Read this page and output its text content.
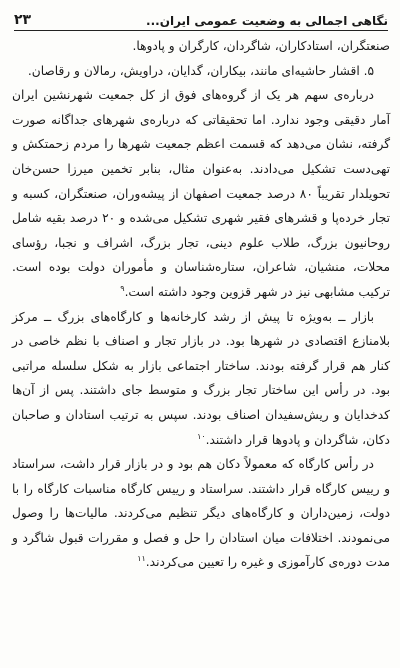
۲۳	نگاهی اجمالی به وضعیت عمومی ایران...

صنعتگران، استادکاران، شاگردان، کارگران و پادوها.

۵. اقشار حاشیه‌ای مانند، بیکاران، گدایان، دراویش، رمالان و رقاصان.

درباره‌ی سهم هر یک از گروه‌های فوق از کل جمعیت شهرنشین ایران آمار دقیقی وجود ندارد. اما تحقیقاتی که درباره‌ی شهرهای جداگانه صورت گرفته، نشان می‌دهد که قسمت اعظم جمعیت شهرها را مردم زحمتکش و تهی‌دست تشکیل می‌دادند. به‌عنوان مثال، بنابر تخمین میرزا حسن‌خان تحویلدار تقریباً ۸۰ درصد جمعیت اصفهان از پیشه‌وران، صنعتگران، کسبه و تجار خرده‌پا و قشرهای فقیر شهری تشکیل می‌شده و ۲۰ درصد بقیه شامل روحانیون بزرگ، طلاب علوم دینی، تجار بزرگ، اشراف و نجبا، رؤسای محلات، منشیان، شاعران، ستاره‌شناسان و مأموران دولت بوده است. ترکیب مشابهی نیز در شهر قزوین وجود داشته است.$^۹$

بازار ــ به‌ویژه تا پیش از رشد کارخانه‌ها و کارگاه‌های بزرگ ــ مرکز بلامنازع اقتصادی در شهرها بود. در بازار تجار و اصناف با نظم خاصی در کنار هم قرار گرفته بودند. ساختار اجتماعی بازار به شکل سلسله مراتبی بود. در رأس این ساختار تجار بزرگ و متوسط جای داشتند. پس از آن‌ها کدخدایان و ریش‌سفیدان اصناف بودند. سپس به ترتیب استادان و صاحبان دکان، شاگردان و پادوها قرار داشتند.$^{۱۰}$

در رأس کارگاه که معمولاً دکان هم بود و در بازار قرار داشت، سراستاد و رییس کارگاه قرار داشتند. سراستاد و رییس کارگاه مناسبات کارگاه را با دولت، زمین‌داران و کارگاه‌های دیگر تنظیم می‌کردند. مالیات‌ها را وصول می‌نمودند. اختلافات میان استادان را حل و فصل و مقررات قبول شاگرد و مدت دوره‌ی کارآموزی و غیره را تعیین می‌کردند.$^{۱۱}$
